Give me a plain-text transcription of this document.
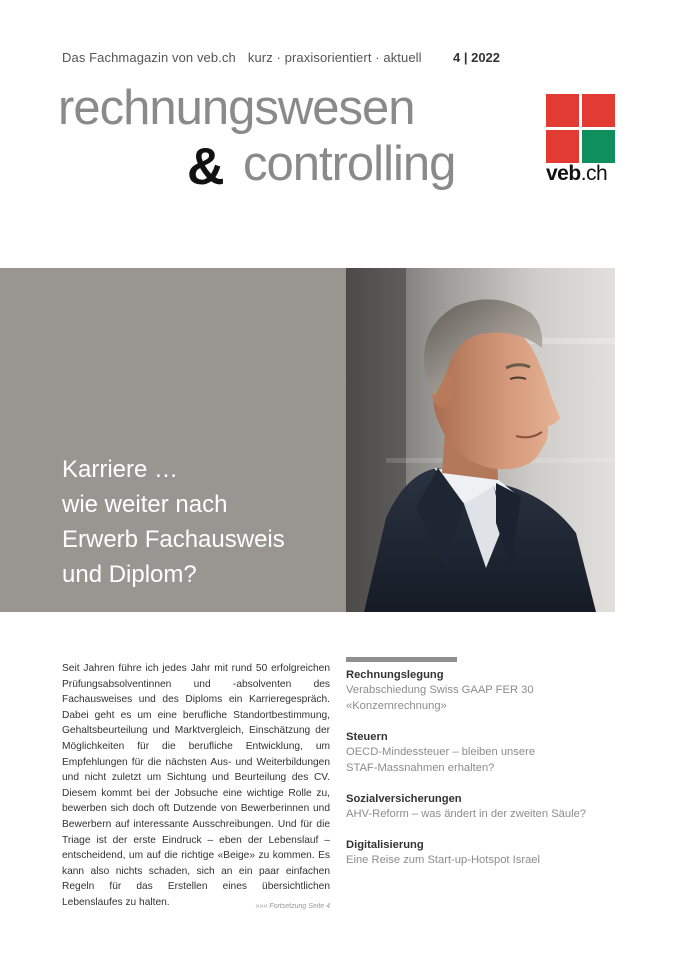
Das Fachmagazin von veb.ch kurz · praxisorientiert · aktuell 4 | 2022
rechnungswesen
& controlling	veb.ch
Karriere …
wie weiter nach
Erwerb Fachausweis
und Diplom?
Seit Jahren führe ich jedes Jahr mit rund 50 erfolgreichen Prüfungsabsolventinnen und -absolventen des Fachausweises und des Diploms ein Karrieregespräch. Dabei geht es um eine berufliche Standortbestimmung, Gehaltsbeurteilung und Marktvergleich, Einschätzung der Möglichkeiten für die berufliche Entwicklung, um Empfehlungen für die nächsten Aus- und Weiterbildungen und nicht zuletzt um Sichtung und Beurteilung des CV. Diesem kommt bei der Jobsuche eine wichtige Rolle zu, bewerben sich doch oft Dutzende von Bewerberinnen und Bewerbern auf interessante Ausschreibungen. Und für die Triage ist der erste Eindruck – eben der Lebenslauf – entscheidend, um auf die richtige «Beige» zu kommen. Es kann also nichts schaden, sich an ein paar einfachen Regeln für das Erstellen eines übersichtlichen Lebenslaufes zu halten.	»»» Fortsetzung Seite 4
Rechnungslegung
Verabschiedung Swiss GAAP FER 30 «Konzernrechnung»
Steuern
OECD-Mindessteuer – bleiben unsere STAF-Massnahmen erhalten?
Sozialversicherungen
AHV-Reform – was ändert in der zweiten Säule?
Digitalisierung
Eine Reise zum Start-up-Hotspot Israel
